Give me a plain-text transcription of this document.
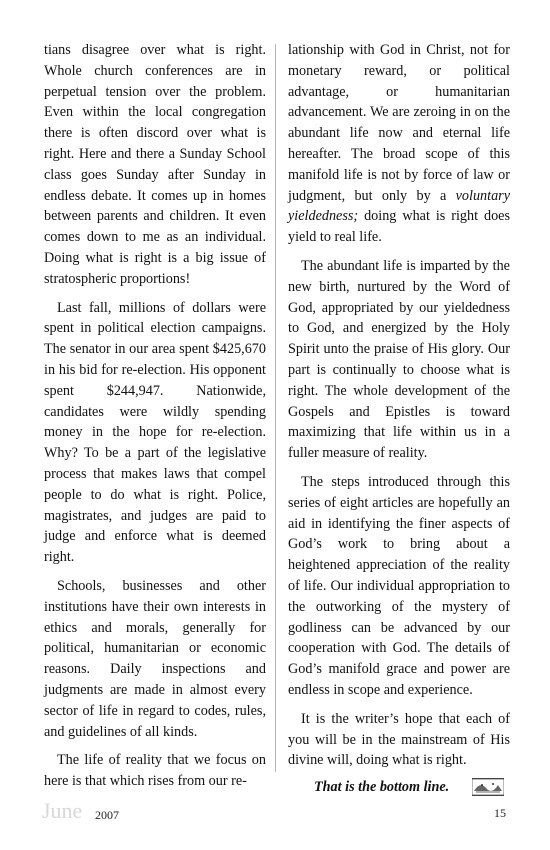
tians disagree over what is right. Whole church conferences are in perpetual tension over the problem. Even within the local congregation there is often discord over what is right. Here and there a Sunday School class goes Sunday after Sunday in endless debate. It comes up in homes between parents and children. It even comes down to me as an individual. Doing what is right is a big issue of stratospheric proportions!

Last fall, millions of dollars were spent in political election campaigns. The senator in our area spent $425,670 in his bid for re-election. His opponent spent $244,947. Nationwide, candidates were wildly spending money in the hope for re-election. Why? To be a part of the legislative process that makes laws that compel people to do what is right. Police, magistrates, and judges are paid to judge and enforce what is deemed right.

Schools, businesses and other institutions have their own interests in ethics and morals, generally for political, humanitarian or economic reasons. Daily inspections and judgments are made in almost every sector of life in regard to codes, rules, and guidelines of all kinds.

The life of reality that we focus on here is that which rises from our re-

lationship with God in Christ, not for monetary reward, or political advantage, or humanitarian advancement. We are zeroing in on the abundant life now and eternal life hereafter. The broad scope of this manifold life is not by force of law or judgment, but only by a voluntary yieldedness; doing what is right does yield to real life.

The abundant life is imparted by the new birth, nurtured by the Word of God, appropriated by our yieldedness to God, and energized by the Holy Spirit unto the praise of His glory. Our part is continually to choose what is right. The whole development of the Gospels and Epistles is toward maximizing that life within us in a fuller measure of reality.

The steps introduced through this series of eight articles are hopefully an aid in identifying the finer aspects of God’s work to bring about a heightened appreciation of the reality of life. Our individual appropriation to the outworking of the mystery of godliness can be advanced by our cooperation with God. The details of God’s manifold grace and power are endless in scope and experience.

It is the writer’s hope that each of you will be in the mainstream of His divine will, doing what is right.

That is the bottom line.
June 2007	15
